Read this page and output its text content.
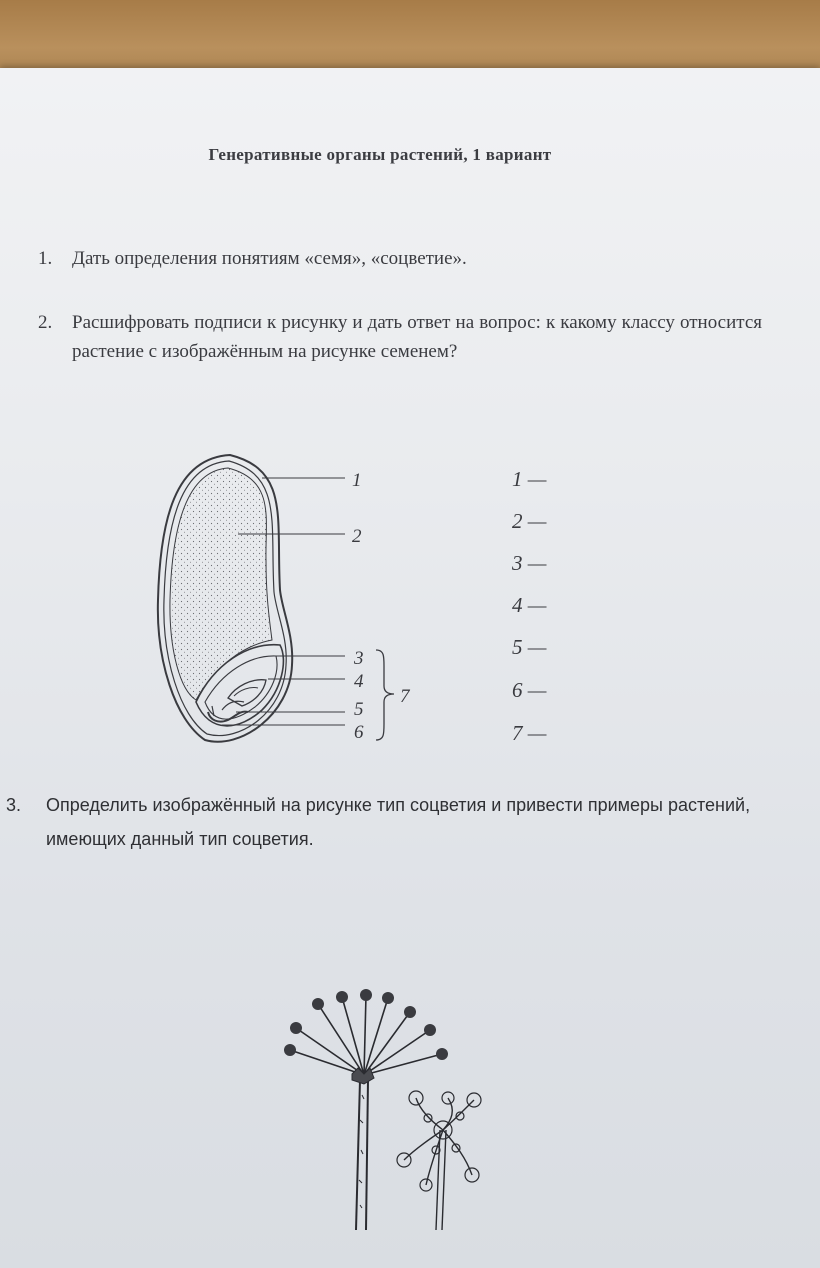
Генеративные органы растений, 1 вариант
1. Дать определения понятиям «семя», «соцветие».
2. Расшифровать подписи к рисунку и дать ответ на вопрос: к какому классу относится растение с изображённым на рисунке семенем?
3. Определить изображённый на рисунке тип соцветия и привести примеры растений, имеющих данный тип соцветия.
1
2
3
4
5
6
7
1 —
2 —
3 —
4 —
5 —
6 —
7 —
